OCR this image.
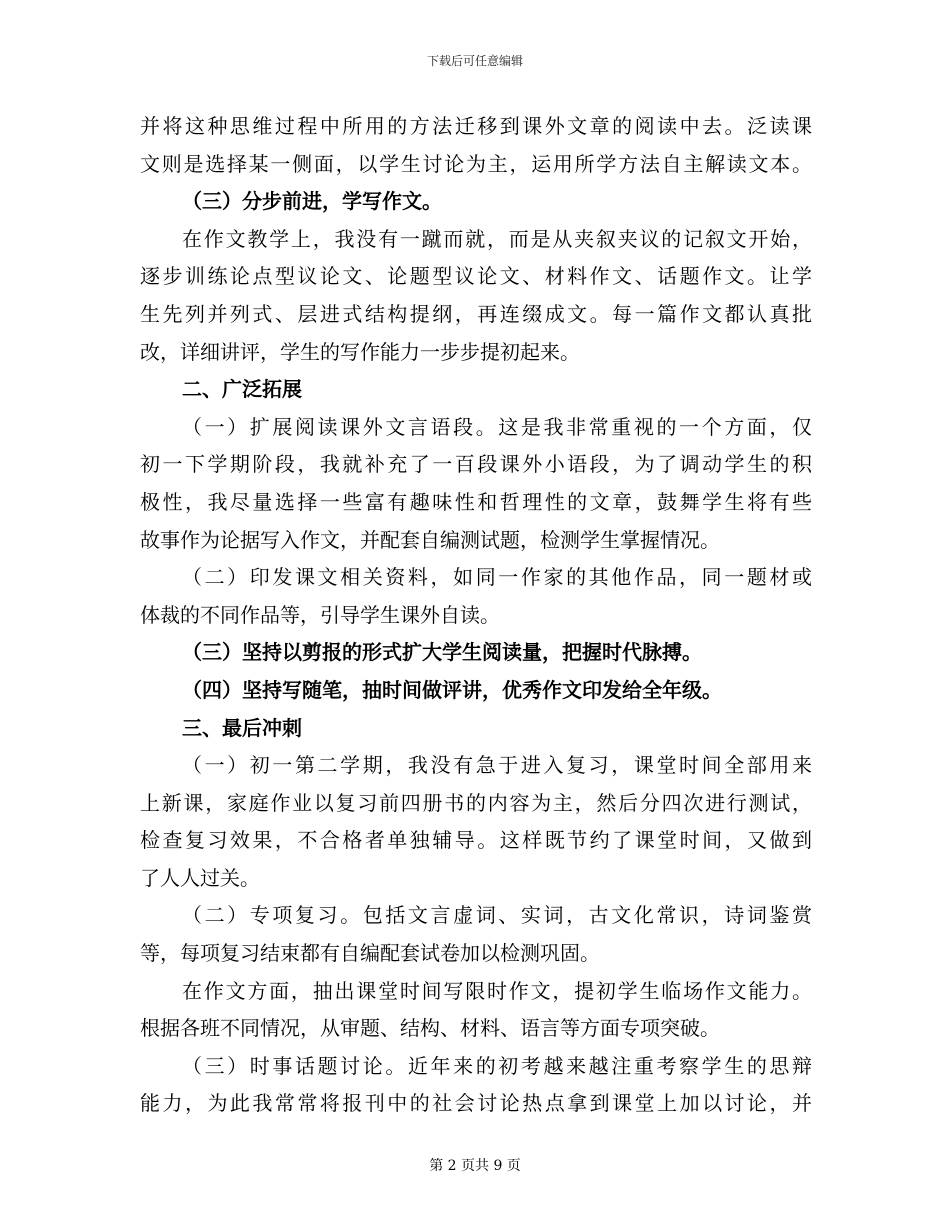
下载后可任意编辑
并将这种思维过程中所用的方法迁移到课外文章的阅读中去。泛读课
文则是选择某一侧面，以学生讨论为主，运用所学方法自主解读文本。
（三）分步前进，学写作文。
在作文教学上，我没有一蹴而就，而是从夹叙夹议的记叙文开始，
逐步训练论点型议论文、论题型议论文、材料作文、话题作文。让学
生先列并列式、层进式结构提纲，再连缀成文。每一篇作文都认真批
改，详细讲评，学生的写作能力一步步提初起来。
二、广泛拓展
（一）扩展阅读课外文言语段。这是我非常重视的一个方面，仅
初一下学期阶段，我就补充了一百段课外小语段，为了调动学生的积
极性，我尽量选择一些富有趣味性和哲理性的文章，鼓舞学生将有些
故事作为论据写入作文，并配套自编测试题，检测学生掌握情况。
（二）印发课文相关资料，如同一作家的其他作品，同一题材或
体裁的不同作品等，引导学生课外自读。
（三）坚持以剪报的形式扩大学生阅读量，把握时代脉搏。
（四）坚持写随笔，抽时间做评讲，优秀作文印发给全年级。
三、最后冲刺
（一）初一第二学期，我没有急于进入复习，课堂时间全部用来
上新课，家庭作业以复习前四册书的内容为主，然后分四次进行测试，
检查复习效果，不合格者单独辅导。这样既节约了课堂时间，又做到
了人人过关。
（二）专项复习。包括文言虚词、实词，古文化常识，诗词鉴赏
等，每项复习结束都有自编配套试卷加以检测巩固。
在作文方面，抽出课堂时间写限时作文，提初学生临场作文能力。
根据各班不同情况，从审题、结构、材料、语言等方面专项突破。
（三）时事话题讨论。近年来的初考越来越注重考察学生的思辩
能力，为此我常常将报刊中的社会讨论热点拿到课堂上加以讨论，并
第 2 页共 9 页
